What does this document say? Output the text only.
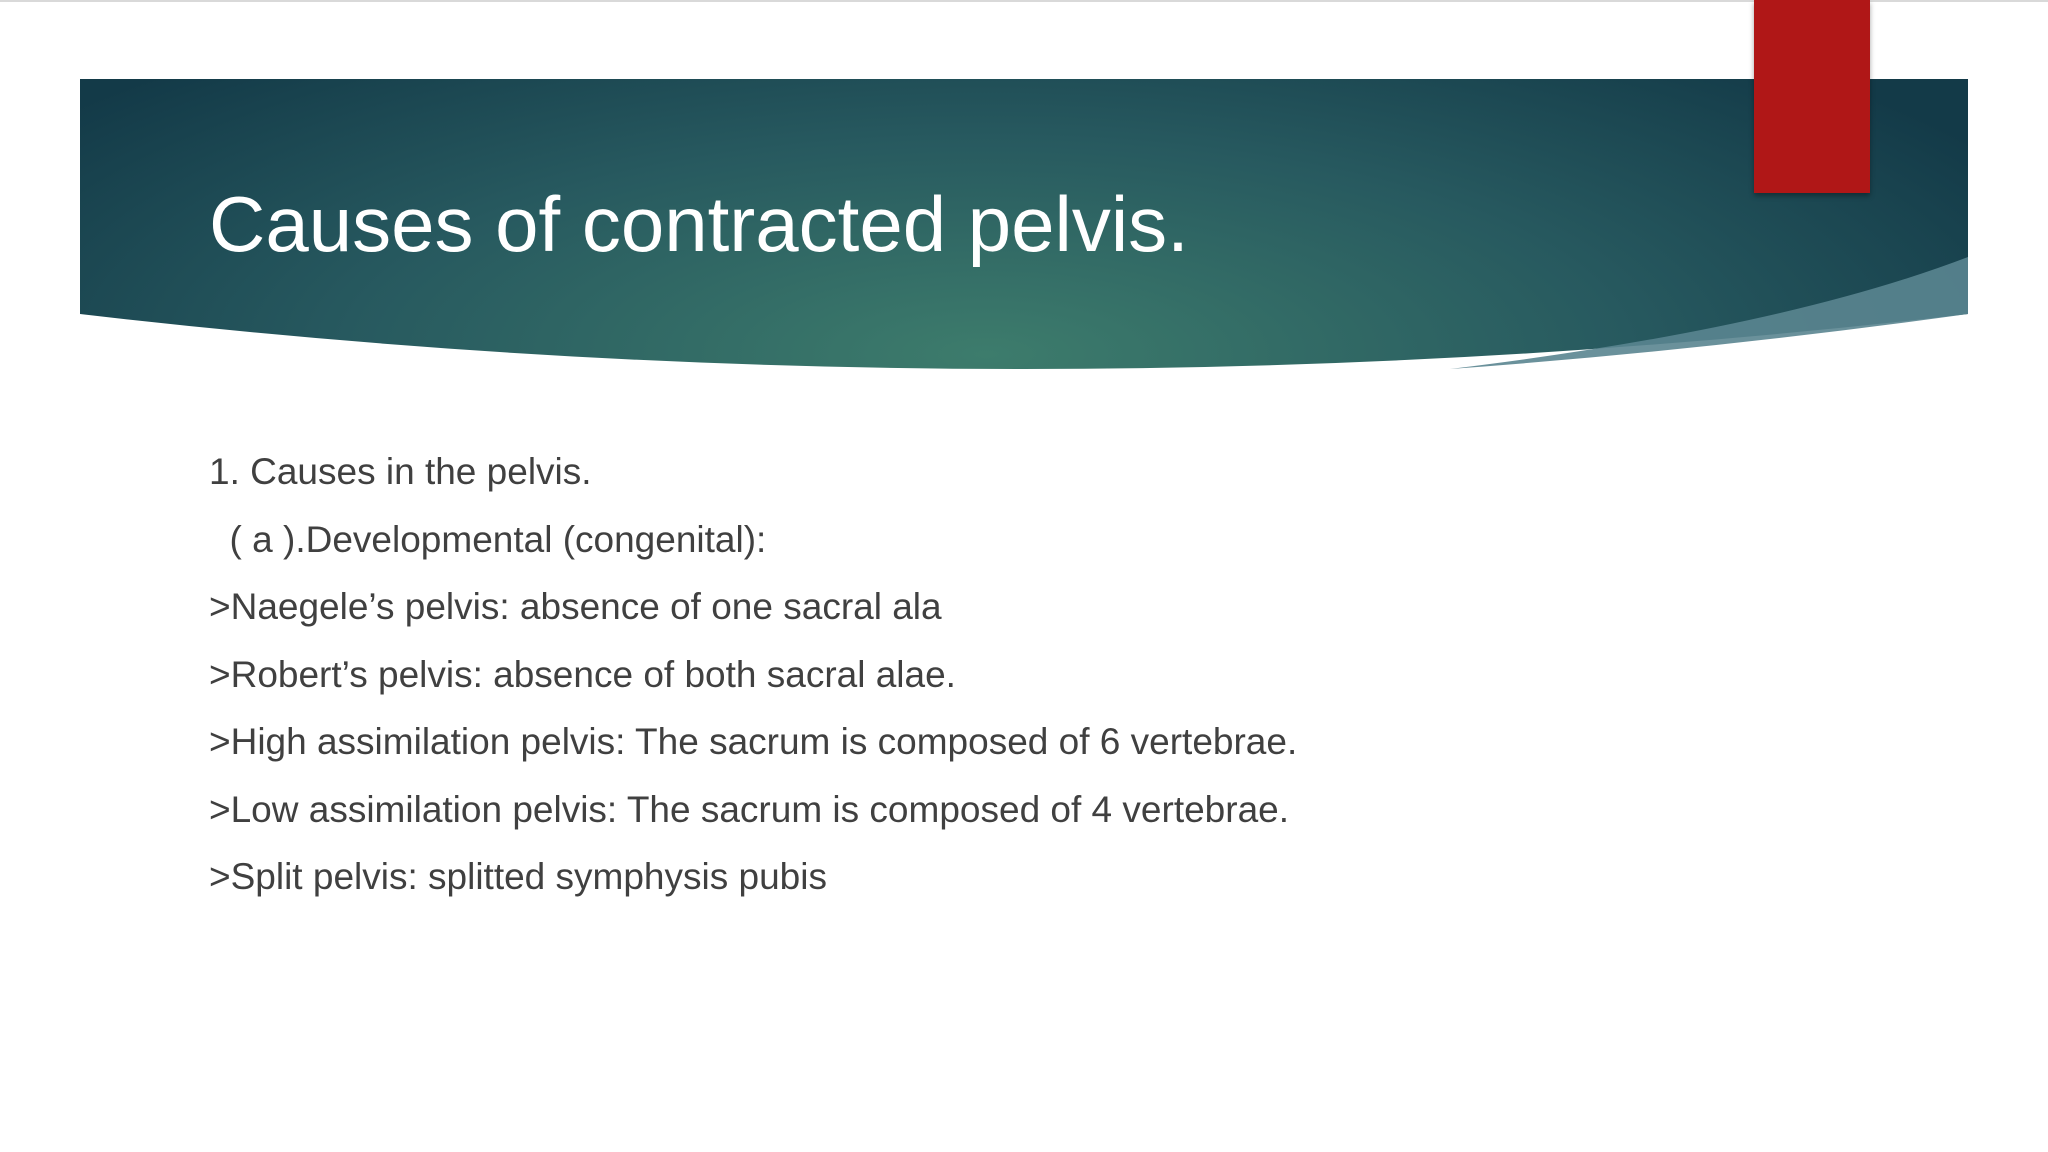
Causes of contracted pelvis.
1. Causes in the pelvis.
( a ).Developmental (congenital):
>Naegele’s pelvis: absence of one sacral ala
>Robert’s pelvis: absence of both sacral alae.
>High assimilation pelvis: The sacrum is composed of 6 vertebrae.
>Low assimilation pelvis: The sacrum is composed of 4 vertebrae.
>Split pelvis: splitted symphysis pubis
